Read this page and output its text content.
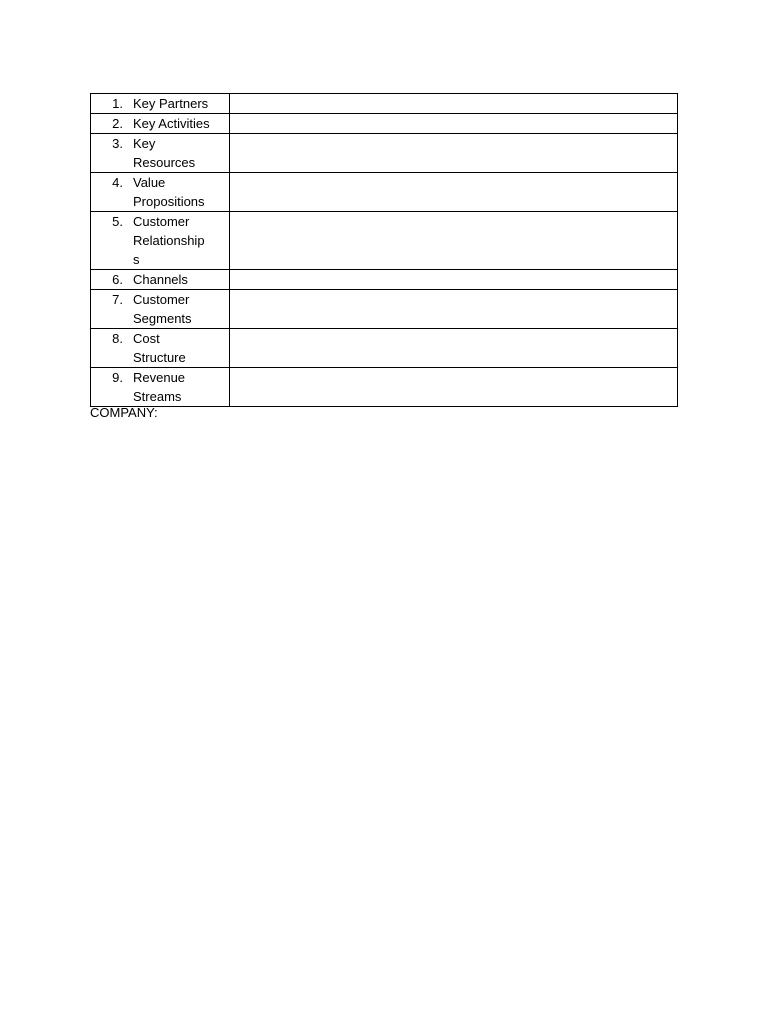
1. Key Partners	

2. Key Activities	

3. Key
Resources	

4. Value
Propositions	

5. Customer
Relationship
s	

6. Channels	

7. Customer
Segments	

8. Cost
Structure	

9. Revenue
Streams	

COMPANY:
